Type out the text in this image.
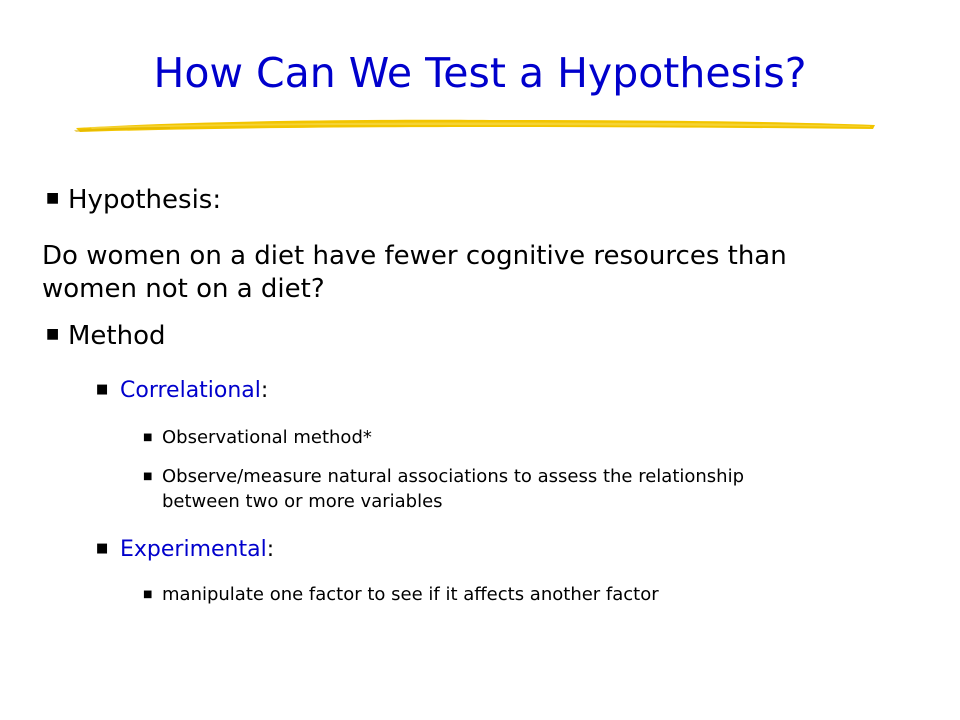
How Can We Test a Hypothesis?
■ Hypothesis:
Do women on a diet have fewer cognitive resources than
women not on a diet?
■ Method
■ Correlational:
■ Observational method*
■ Observe/measure natural associations to assess the relationship
between two or more variables
■ Experimental:
■ manipulate one factor to see if it affects another factor
